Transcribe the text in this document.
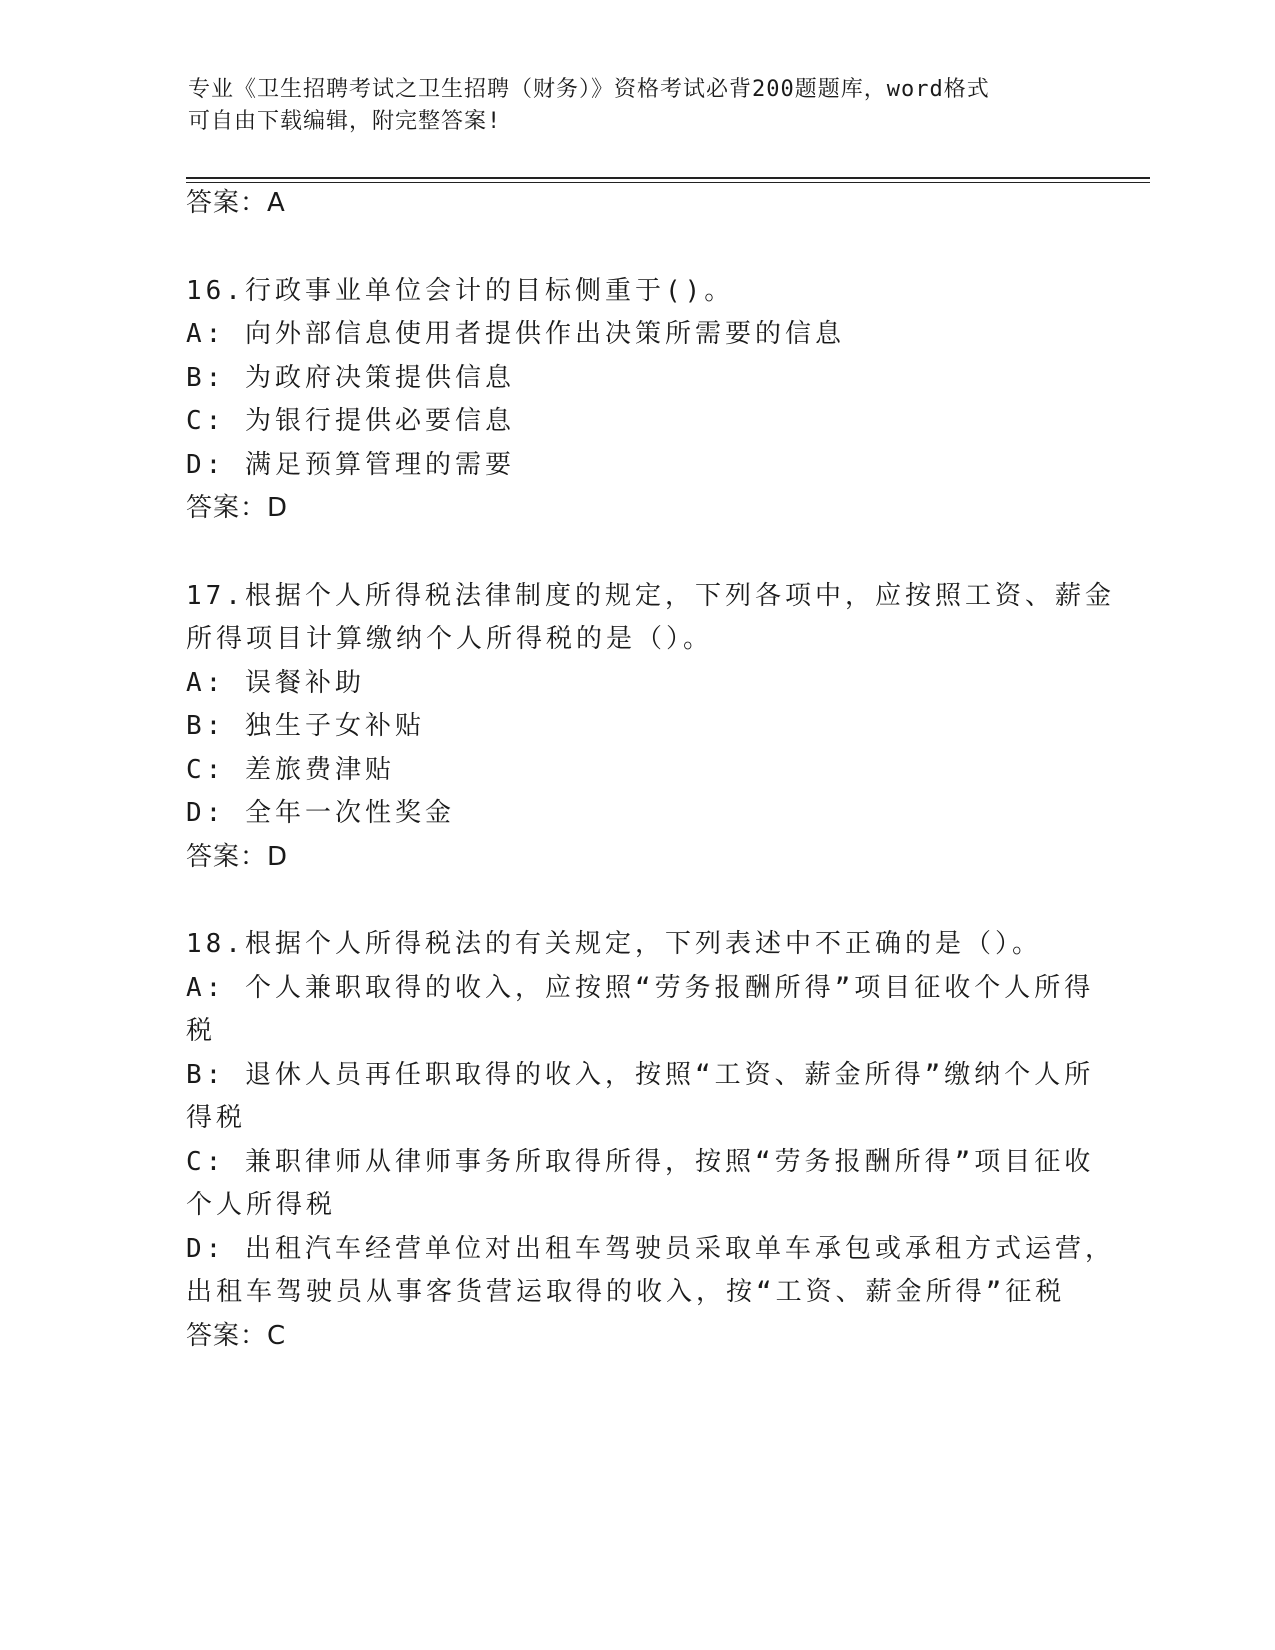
专业《卫生招聘考试之卫生招聘（财务）》资格考试必背200题题库，word格式
可自由下载编辑，附完整答案!
答案：A
16.行政事业单位会计的目标侧重于()。
A: 向外部信息使用者提供作出决策所需要的信息
B: 为政府决策提供信息
C: 为银行提供必要信息
D: 满足预算管理的需要
答案：D
17.根据个人所得税法律制度的规定，下列各项中，应按照工资、薪金
所得项目计算缴纳个人所得税的是（）。
A: 误餐补助
B: 独生子女补贴
C: 差旅费津贴
D: 全年一次性奖金
答案：D
18.根据个人所得税法的有关规定，下列表述中不正确的是（）。
A: 个人兼职取得的收入，应按照“劳务报酬所得”项目征收个人所得
税
B: 退休人员再任职取得的收入，按照“工资、薪金所得”缴纳个人所
得税
C: 兼职律师从律师事务所取得所得，按照“劳务报酬所得”项目征收
个人所得税
D: 出租汽车经营单位对出租车驾驶员采取单车承包或承租方式运营，
出租车驾驶员从事客货营运取得的收入，按“工资、薪金所得”征税
答案：C
